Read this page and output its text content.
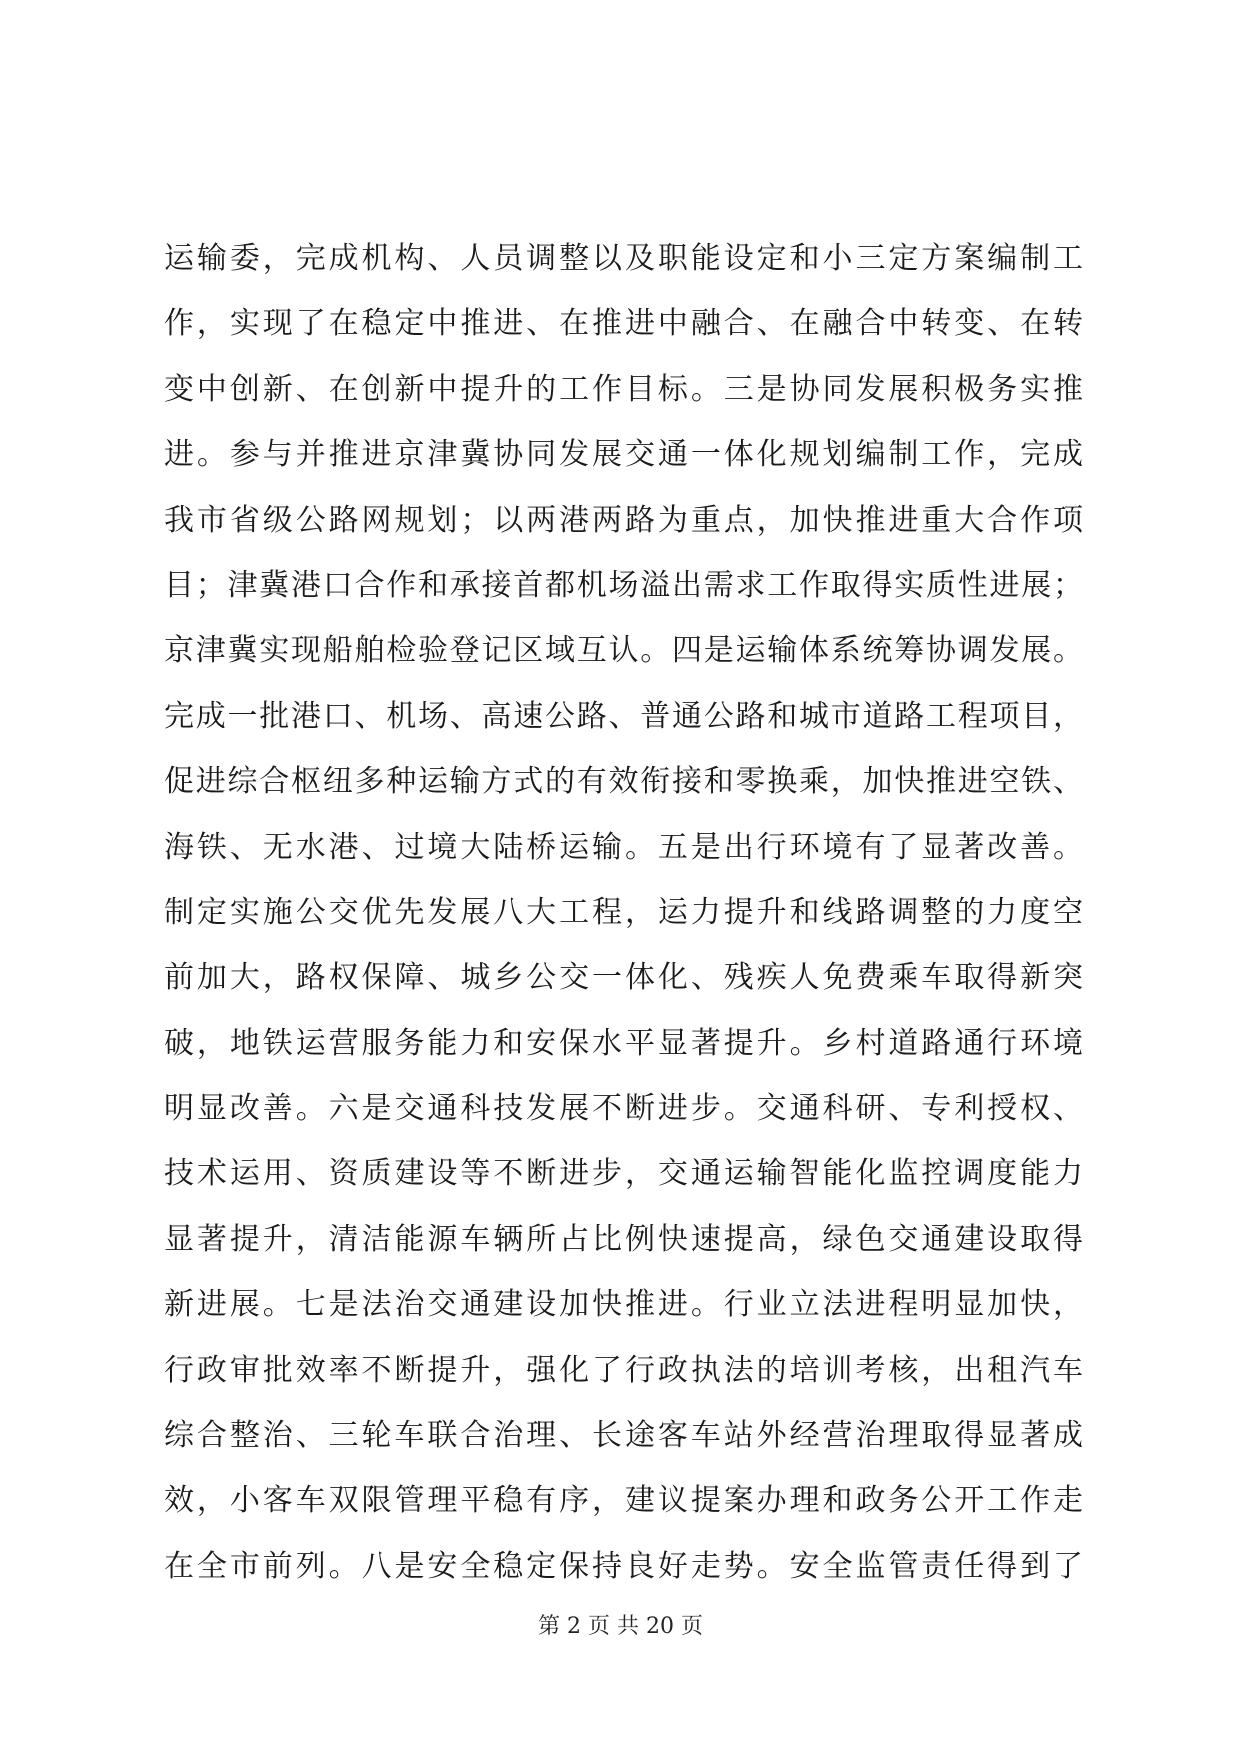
运输委，完成机构、人员调整以及职能设定和小三定方案编制工
作，实现了在稳定中推进、在推进中融合、在融合中转变、在转
变中创新、在创新中提升的工作目标。三是协同发展积极务实推
进。参与并推进京津冀协同发展交通一体化规划编制工作，完成
我市省级公路网规划；以两港两路为重点，加快推进重大合作项
目；津冀港口合作和承接首都机场溢出需求工作取得实质性进展；
京津冀实现船舶检验登记区域互认。四是运输体系统筹协调发展。
完成一批港口、机场、高速公路、普通公路和城市道路工程项目，
促进综合枢纽多种运输方式的有效衔接和零换乘，加快推进空铁、
海铁、无水港、过境大陆桥运输。五是出行环境有了显著改善。
制定实施公交优先发展八大工程，运力提升和线路调整的力度空
前加大，路权保障、城乡公交一体化、残疾人免费乘车取得新突
破，地铁运营服务能力和安保水平显著提升。乡村道路通行环境
明显改善。六是交通科技发展不断进步。交通科研、专利授权、
技术运用、资质建设等不断进步，交通运输智能化监控调度能力
显著提升，清洁能源车辆所占比例快速提高，绿色交通建设取得
新进展。七是法治交通建设加快推进。行业立法进程明显加快，
行政审批效率不断提升，强化了行政执法的培训考核，出租汽车
综合整治、三轮车联合治理、长途客车站外经营治理取得显著成
效，小客车双限管理平稳有序，建议提案办理和政务公开工作走
在全市前列。八是安全稳定保持良好走势。安全监管责任得到了
第 2 页 共 20 页
